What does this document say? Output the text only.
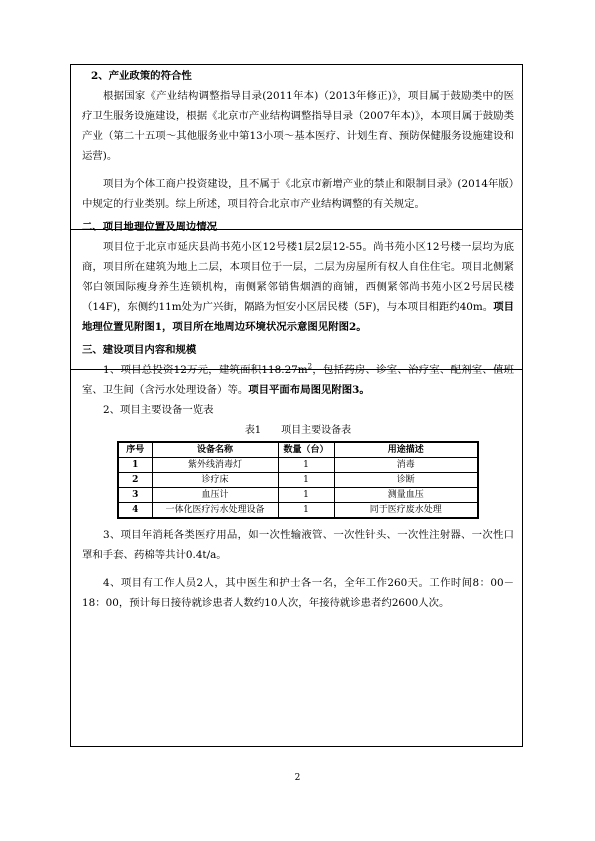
2、产业政策的符合性

根据国家《产业结构调整指导目录(2011年本)（2013年修正)》，项目属于鼓励类中的医疗卫生服务设施建设，根据《北京市产业结构调整指导目录（2007年本)》，本项目属于鼓励类产业（第二十五项～其他服务业中第13小项～基本医疗、计划生育、预防保健服务设施建设和运营)。

项目为个体工商户投资建设，且不属于《北京市新增产业的禁止和限制目录》(2014年版）中规定的行业类别。综上所述，项目符合北京市产业结构调整的有关规定。

二、项目地理位置及周边情况

项目位于北京市延庆县尚书苑小区12号楼1层2层12-55。尚书苑小区12号楼一层均为底商，项目所在建筑为地上二层，本项目位于一层，二层为房屋所有权人自住住宅。项目北侧紧邻白领国际瘦身养生连锁机构，南侧紧邻销售烟酒的商铺，西侧紧邻尚书苑小区2号居民楼（14F)，东侧约11m处为广兴街，隔路为恒安小区居民楼（5F)，与本项目相距约40m。项目地理位置见附图1，项目所在地周边环境状况示意图见附图2。

三、建设项目内容和规模

1、项目总投资12万元，建筑面积$118.27m^2$，包括药房、诊室、治疗室、配剂室、值班室、卫生间（含污水处理设备）等。项目平面布局图见附图3。

2、项目主要设备一览表

表1　　项目主要设备表
序号	设备名称	数量（台）	用途描述
1	紫外线消毒灯	1	消毒
2	诊疗床	1	诊断
3	血压计	1	测量血压
4	一体化医疗污水处理设备	1	同于医疗废水处理

3、项目年消耗各类医疗用品，如一次性输液管、一次性针头、一次性注射器、一次性口罩和手套、药棉等共计0.4t/a。

4、项目有工作人员2人，其中医生和护士各一名，全年工作260天。工作时间8：00－18：00，预计每日接待就诊患者人数约10人次，年接待就诊患者约2600人次。

2
